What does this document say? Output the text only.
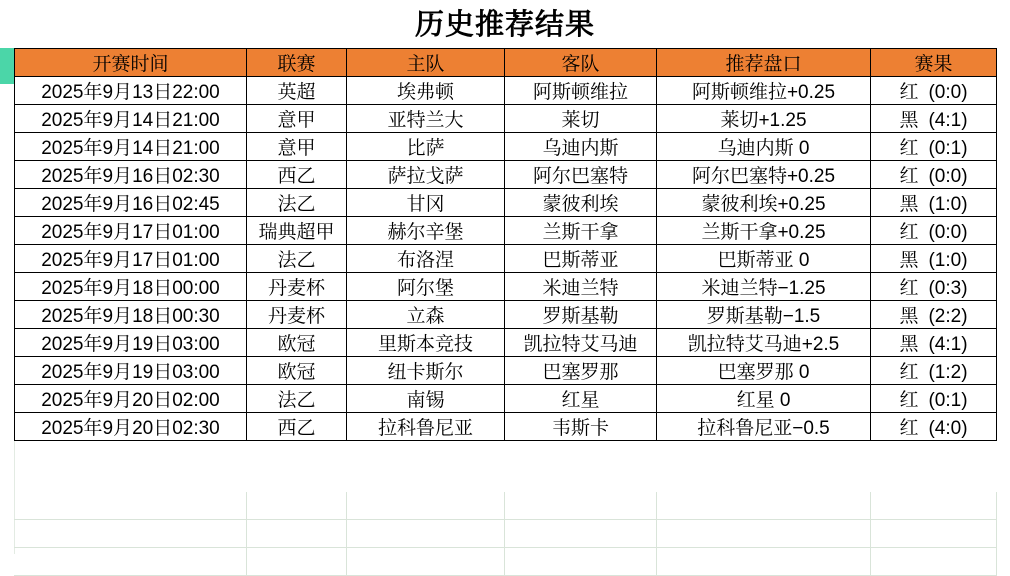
历史推荐结果

开赛时间	联赛	主队	客队	推荐盘口	赛果
2025年9月13日22:00	英超	埃弗顿	阿斯顿维拉	阿斯顿维拉+0.25	红 (0:0)
2025年9月14日21:00	意甲	亚特兰大	莱切	莱切+1.25	黑 (4:1)
2025年9月14日21:00	意甲	比萨	乌迪内斯	乌迪内斯 0	红 (0:1)
2025年9月16日02:30	西乙	萨拉戈萨	阿尔巴塞特	阿尔巴塞特+0.25	红 (0:0)
2025年9月16日02:45	法乙	甘冈	蒙彼利埃	蒙彼利埃+0.25	黑 (1:0)
2025年9月17日01:00	瑞典超甲	赫尔辛堡	兰斯干拿	兰斯干拿+0.25	红 (0:0)
2025年9月17日01:00	法乙	布洛涅	巴斯蒂亚	巴斯蒂亚 0	黑 (1:0)
2025年9月18日00:00	丹麦杯	阿尔堡	米迪兰特	米迪兰特−1.25	红 (0:3)
2025年9月18日00:30	丹麦杯	立森	罗斯基勒	罗斯基勒−1.5	黑 (2:2)
2025年9月19日03:00	欧冠	里斯本竞技	凯拉特艾马迪	凯拉特艾马迪+2.5	黑 (4:1)
2025年9月19日03:00	欧冠	纽卡斯尔	巴塞罗那	巴塞罗那 0	红 (1:2)
2025年9月20日02:00	法乙	南锡	红星	红星 0	红 (0:1)
2025年9月20日02:30	西乙	拉科鲁尼亚	韦斯卡	拉科鲁尼亚−0.5	红 (4:0)
